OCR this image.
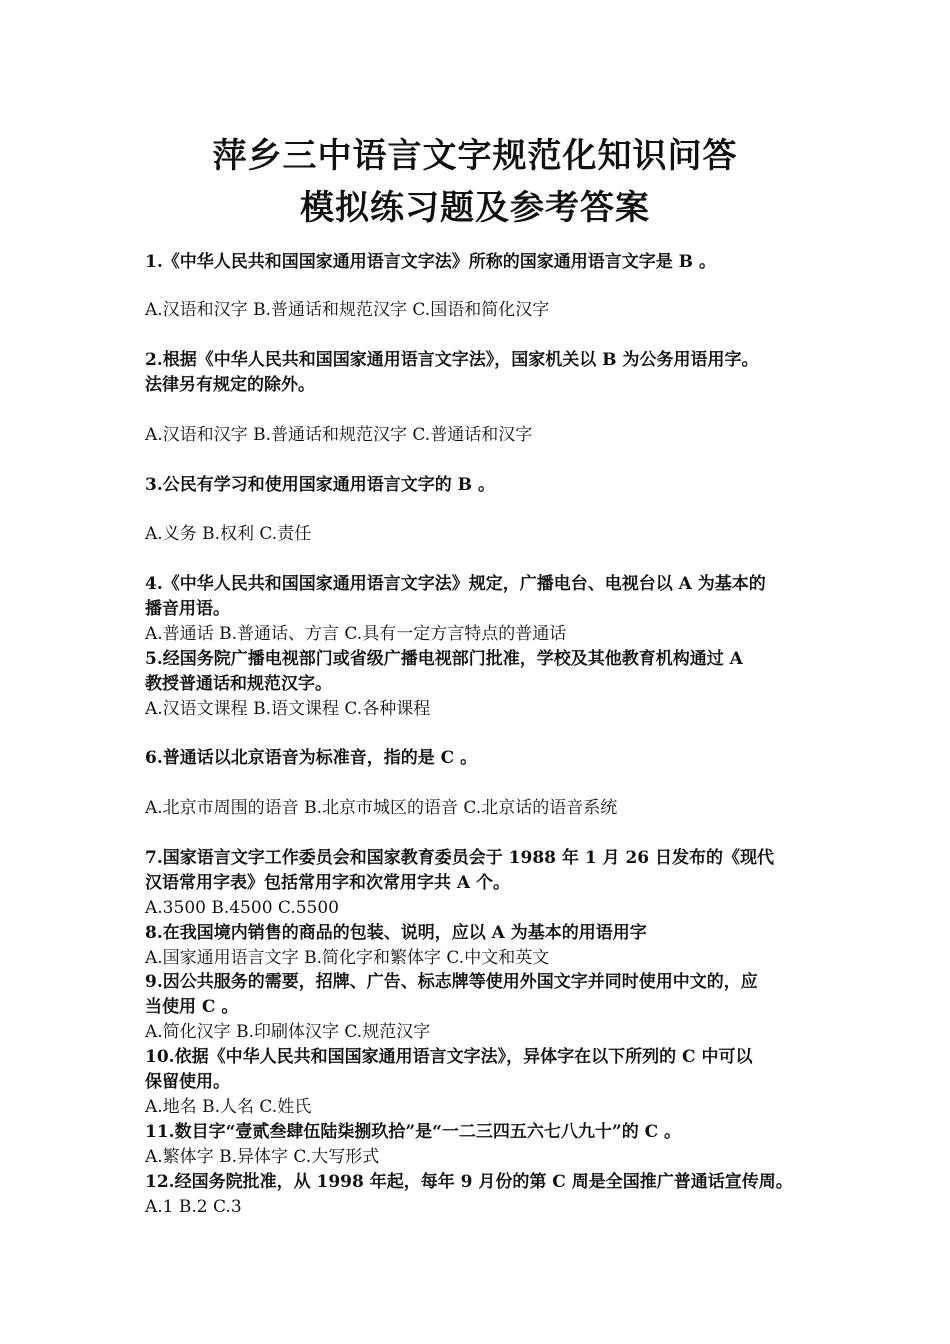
萍乡三中语言文字规范化知识问答
模拟练习题及参考答案
1.《中华人民共和国国家通用语言文字法》所称的国家通用语言文字是 B 。
A.汉语和汉字 B.普通话和规范汉字 C.国语和简化汉字
2.根据《中华人民共和国国家通用语言文字法》，国家机关以 B 为公务用语用字。
法律另有规定的除外。
A.汉语和汉字 B.普通话和规范汉字 C.普通话和汉字
3.公民有学习和使用国家通用语言文字的 B 。
A.义务 B.权利 C.责任
4.《中华人民共和国国家通用语言文字法》规定，广播电台、电视台以 A 为基本的
播音用语。
A.普通话 B.普通话、方言 C.具有一定方言特点的普通话
5.经国务院广播电视部门或省级广播电视部门批准，学校及其他教育机构通过 A
教授普通话和规范汉字。
A.汉语文课程 B.语文课程 C.各种课程
6.普通话以北京语音为标准音，指的是 C 。
A.北京市周围的语音 B.北京市城区的语音 C.北京话的语音系统
7.国家语言文字工作委员会和国家教育委员会于 1988 年 1 月 26 日发布的《现代
汉语常用字表》包括常用字和次常用字共 A 个。
A.3500 B.4500 C.5500
8.在我国境内销售的商品的包装、说明，应以 A 为基本的用语用字
A.国家通用语言文字 B.简化字和繁体字 C.中文和英文
9.因公共服务的需要，招牌、广告、标志牌等使用外国文字并同时使用中文的，应
当使用 C 。
A.简化汉字 B.印刷体汉字 C.规范汉字
10.依据《中华人民共和国国家通用语言文字法》，异体字在以下所列的 C 中可以
保留使用。
A.地名 B.人名 C.姓氏
11.数目字“壹贰叁肆伍陆柒捌玖拾”是“一二三四五六七八九十”的 C 。
A.繁体字 B.异体字 C.大写形式
12.经国务院批准，从 1998 年起，每年 9 月份的第 C 周是全国推广普通话宣传周。
A.1 B.2 C.3
